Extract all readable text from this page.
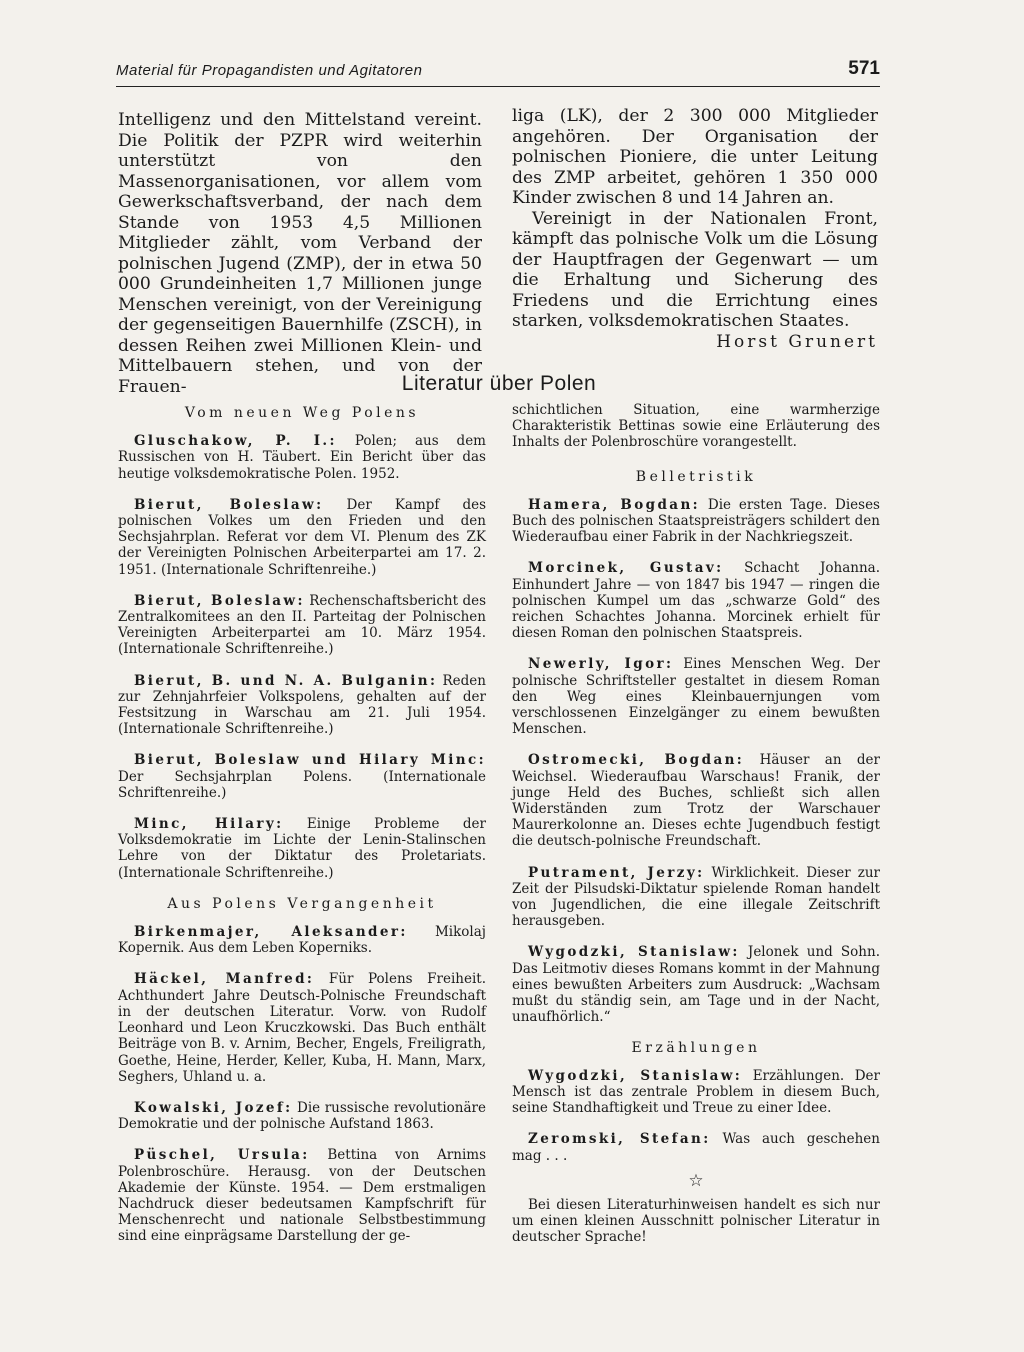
Material für Propagandisten und Agitatoren	571

Intelligenz und den Mittelstand vereint. Die Politik der PZPR wird weiterhin unterstützt von den Massenorganisationen, vor allem vom Gewerkschaftsverband, der nach dem Stande von 1953 4,5 Millionen Mitglieder zählt, vom Verband der polnischen Jugend (ZMP), der in etwa 50 000 Grundeinheiten 1,7 Millionen junge Menschen vereinigt, von der Vereinigung der gegenseitigen Bauernhilfe (ZSCH), in dessen Reihen zwei Millionen Klein- und Mittelbauern stehen, und von der Frauen-

liga (LK), der 2 300 000 Mitglieder angehören. Der Organisation der polnischen Pioniere, die unter Leitung des ZMP arbeitet, gehören 1 350 000 Kinder zwischen 8 und 14 Jahren an.

Vereinigt in der Nationalen Front, kämpft das polnische Volk um die Lösung der Hauptfragen der Gegenwart — um die Erhaltung und Sicherung des Friedens und die Errichtung eines starken, volksdemokratischen Staates.

Horst Grunert

Literatur über Polen
Vom neuen Weg Polens

Gluschakow, P. I.: Polen; aus dem Russischen von H. Täubert. Ein Bericht über das heutige volksdemokratische Polen. 1952.

Bierut, Boleslaw: Der Kampf des polnischen Volkes um den Frieden und den Sechsjahrplan. Referat vor dem VI. Plenum des ZK der Vereinigten Polnischen Arbeiterpartei am 17. 2. 1951. (Internationale Schriftenreihe.)

Bierut, Boleslaw: Rechenschaftsbericht des Zentralkomitees an den II. Parteitag der Polnischen Vereinigten Arbeiterpartei am 10. März 1954. (Internationale Schriftenreihe.)

Bierut, B. und N. A. Bulganin: Reden zur Zehnjahrfeier Volkspolens, gehalten auf der Festsitzung in Warschau am 21. Juli 1954. (Internationale Schriftenreihe.)

Bierut, Boleslaw und Hilary Minc: Der Sechsjahrplan Polens. (Internationale Schriftenreihe.)

Minc, Hilary: Einige Probleme der Volksdemokratie im Lichte der Lenin-Stalinschen Lehre von der Diktatur des Proletariats. (Internationale Schriftenreihe.)

Aus Polens Vergangenheit

Birkenmajer, Aleksander: Mikolaj Kopernik. Aus dem Leben Koperniks.

Häckel, Manfred: Für Polens Freiheit. Achthundert Jahre Deutsch-Polnische Freundschaft in der deutschen Literatur. Vorw. von Rudolf Leonhard und Leon Kruczkowski. Das Buch enthält Beiträge von B. v. Arnim, Becher, Engels, Freiligrath, Goethe, Heine, Herder, Keller, Kuba, H. Mann, Marx, Seghers, Uhland u. a.

Kowalski, Jozef: Die russische revolutionäre Demokratie und der polnische Aufstand 1863.

Püschel, Ursula: Bettina von Arnims Polenbroschüre. Herausg. von der Deutschen Akademie der Künste. 1954. — Dem erstmaligen Nachdruck dieser bedeutsamen Kampfschrift für Menschenrecht und nationale Selbstbestimmung sind eine einprägsame Darstellung der ge-

schichtlichen Situation, eine warmherzige Charakteristik Bettinas sowie eine Erläuterung des Inhalts der Polenbroschüre vorangestellt.

Belletristik

Hamera, Bogdan: Die ersten Tage. Dieses Buch des polnischen Staatspreisträgers schildert den Wiederaufbau einer Fabrik in der Nachkriegszeit.

Morcinek, Gustav: Schacht Johanna. Einhundert Jahre — von 1847 bis 1947 — ringen die polnischen Kumpel um das „schwarze Gold“ des reichen Schachtes Johanna. Morcinek erhielt für diesen Roman den polnischen Staatspreis.

Newerly, Igor: Eines Menschen Weg. Der polnische Schriftsteller gestaltet in diesem Roman den Weg eines Kleinbauernjungen vom verschlossenen Einzelgänger zu einem bewußten Menschen.

Ostromecki, Bogdan: Häuser an der Weichsel. Wiederaufbau Warschaus! Franik, der junge Held des Buches, schließt sich allen Widerständen zum Trotz der Warschauer Maurerkolonne an. Dieses echte Jugendbuch festigt die deutsch-polnische Freundschaft.

Putrament, Jerzy: Wirklichkeit. Dieser zur Zeit der Pilsudski-Diktatur spielende Roman handelt von Jugendlichen, die eine illegale Zeitschrift herausgeben.

Wygodzki, Stanislaw: Jelonek und Sohn. Das Leitmotiv dieses Romans kommt in der Mahnung eines bewußten Arbeiters zum Ausdruck: „Wachsam mußt du ständig sein, am Tage und in der Nacht, unaufhörlich.“

Erzählungen

Wygodzki, Stanislaw: Erzählungen. Der Mensch ist das zentrale Problem in diesem Buch, seine Standhaftigkeit und Treue zu einer Idee.

Zeromski, Stefan: Was auch geschehen mag . . .

☆

Bei diesen Literaturhinweisen handelt es sich nur um einen kleinen Ausschnitt polnischer Literatur in deutscher Sprache!
